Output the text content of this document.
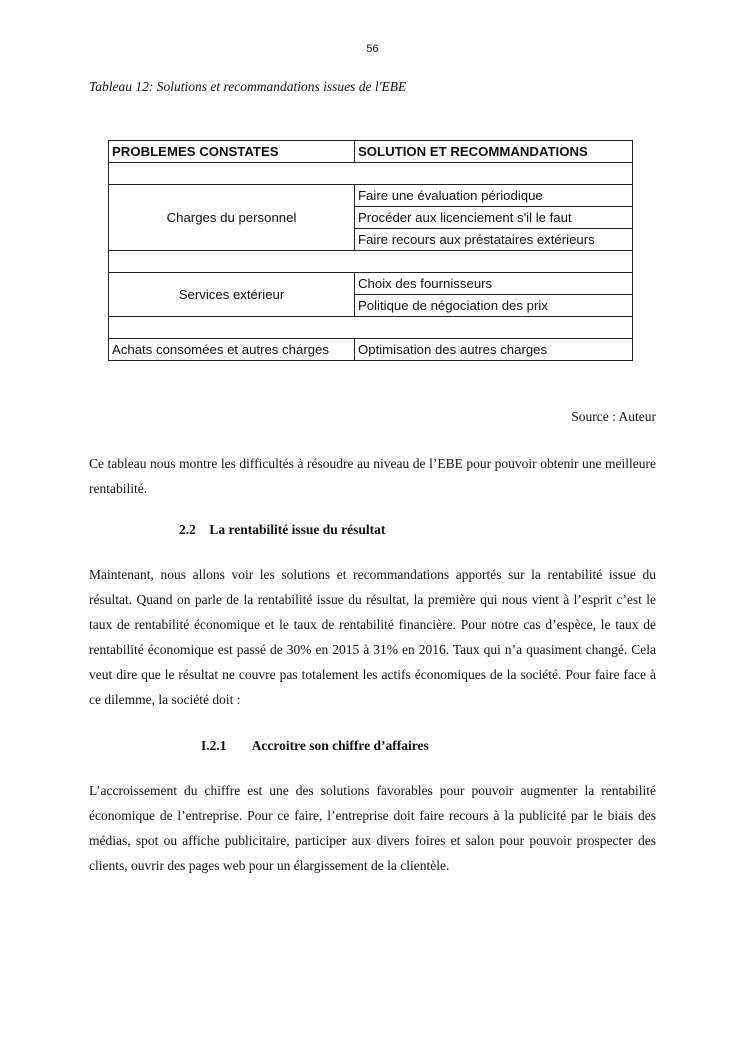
56
Tableau 12: Solutions et recommandations issues de l'EBE
PROBLEMES CONSTATES	SOLUTION ET RECOMMANDATIONS

Charges du personnel	Faire une évaluation périodique
	Procéder aux licenciement s'il le faut
	Faire recours aux préstataires extérieurs

Services extérieur	Choix des fournisseurs
	Politique de négociation des prix

Achats consomées et autres charges	Optimisation des autres charges
Source : Auteur

Ce tableau nous montre les difficultés à résoudre au niveau de l’EBE pour pouvoir obtenir une meilleure rentabilité.

2.2 La rentabilité issue du résultat

Maintenant, nous allons voir les solutions et recommandations apportés sur la rentabilité issue du résultat. Quand on parle de la rentabilité issue du résultat, la première qui nous vient à l’esprit c’est le taux de rentabilité économique et le taux de rentabilité financière. Pour notre cas d’espèce, le taux de rentabilité économique est passé de 30% en 2015 à 31% en 2016. Taux qui n’a quasiment changé. Cela veut dire que le résultat ne couvre pas totalement les actifs économiques de la société. Pour faire face à ce dilemme, la société doit :

I.2.1 Accroitre son chiffre d’affaires

L’accroissement du chiffre est une des solutions favorables pour pouvoir augmenter la rentabilité économique de l’entreprise. Pour ce faire, l’entreprise doit faire recours à la publicité par le biais des médias, spot ou affiche publicitaire, participer aux divers foires et salon pour pouvoir prospecter des clients, ouvrir des pages web pour un élargissement de la clientèle.
